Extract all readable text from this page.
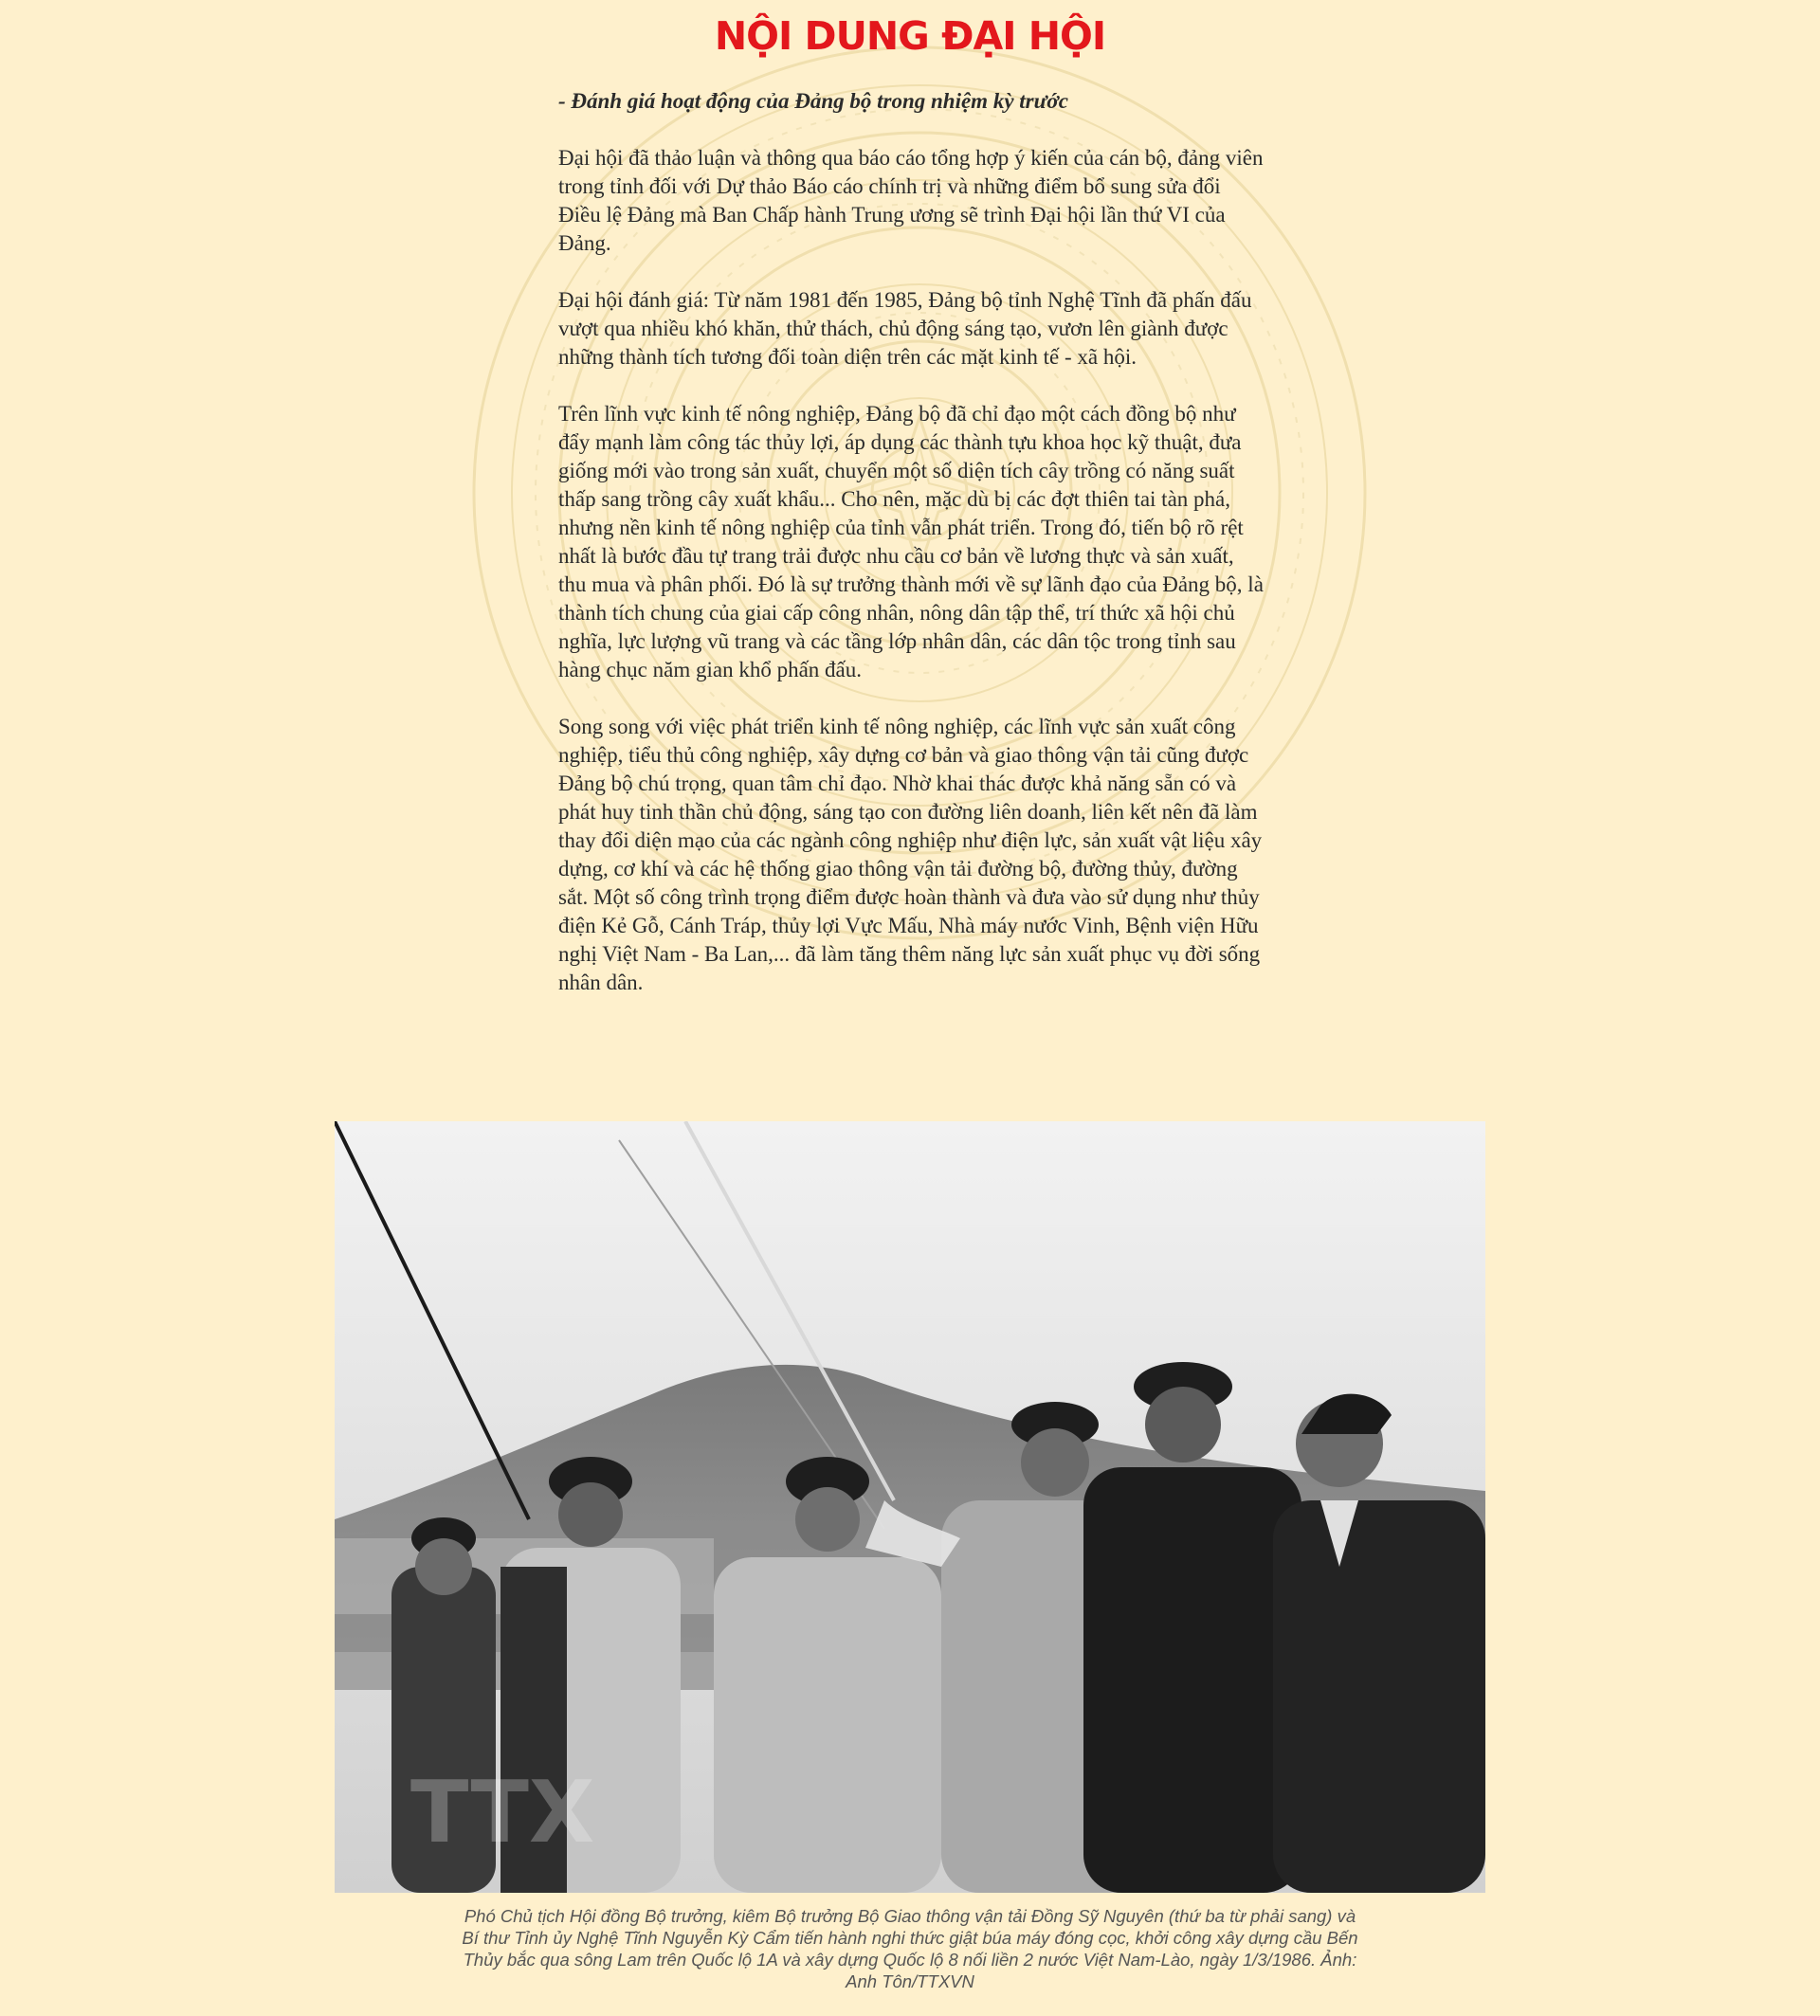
NỘI DUNG ĐẠI HỘI

- Đánh giá hoạt động của Đảng bộ trong nhiệm kỳ trước

Đại hội đã thảo luận và thông qua báo cáo tổng hợp ý kiến của cán bộ, đảng viên trong tỉnh đối với Dự thảo Báo cáo chính trị và những điểm bổ sung sửa đổi Điều lệ Đảng mà Ban Chấp hành Trung ương sẽ trình Đại hội lần thứ VI của Đảng.

Đại hội đánh giá: Từ năm 1981 đến 1985, Đảng bộ tỉnh Nghệ Tĩnh đã phấn đấu vượt qua nhiều khó khăn, thử thách, chủ động sáng tạo, vươn lên giành được những thành tích tương đối toàn diện trên các mặt kinh tế - xã hội.

Trên lĩnh vực kinh tế nông nghiệp, Đảng bộ đã chỉ đạo một cách đồng bộ như đẩy mạnh làm công tác thủy lợi, áp dụng các thành tựu khoa học kỹ thuật, đưa giống mới vào trong sản xuất, chuyển một số diện tích cây trồng có năng suất thấp sang trồng cây xuất khẩu... Cho nên, mặc dù bị các đợt thiên tai tàn phá, nhưng nền kinh tế nông nghiệp của tỉnh vẫn phát triển. Trong đó, tiến bộ rõ rệt nhất là bước đầu tự trang trải được nhu cầu cơ bản về lương thực và sản xuất, thu mua và phân phối. Đó là sự trưởng thành mới về sự lãnh đạo của Đảng bộ, là thành tích chung của giai cấp công nhân, nông dân tập thể, trí thức xã hội chủ nghĩa, lực lượng vũ trang và các tầng lớp nhân dân, các dân tộc trong tỉnh sau hàng chục năm gian khổ phấn đấu.

Song song với việc phát triển kinh tế nông nghiệp, các lĩnh vực sản xuất công nghiệp, tiểu thủ công nghiệp, xây dựng cơ bản và giao thông vận tải cũng được Đảng bộ chú trọng, quan tâm chỉ đạo. Nhờ khai thác được khả năng sẵn có và phát huy tinh thần chủ động, sáng tạo con đường liên doanh, liên kết nên đã làm thay đổi diện mạo của các ngành công nghiệp như điện lực, sản xuất vật liệu xây dựng, cơ khí và các hệ thống giao thông vận tải đường bộ, đường thủy, đường sắt. Một số công trình trọng điểm được hoàn thành và đưa vào sử dụng như thủy điện Kẻ Gỗ, Cánh Tráp, thủy lợi Vực Mấu, Nhà máy nước Vinh, Bệnh viện Hữu nghị Việt Nam - Ba Lan,... đã làm tăng thêm năng lực sản xuất phục vụ đời sống nhân dân.

TTX

Phó Chủ tịch Hội đồng Bộ trưởng, kiêm Bộ trưởng Bộ Giao thông vận tải Đồng Sỹ Nguyên (thứ ba từ phải sang) và Bí thư Tỉnh ủy Nghệ Tĩnh Nguyễn Kỳ Cẩm tiến hành nghi thức giật búa máy đóng cọc, khởi công xây dựng cầu Bến Thủy bắc qua sông Lam trên Quốc lộ 1A và xây dựng Quốc lộ 8 nối liền 2 nước Việt Nam-Lào, ngày 1/3/1986. Ảnh: Anh Tôn/TTXVN
